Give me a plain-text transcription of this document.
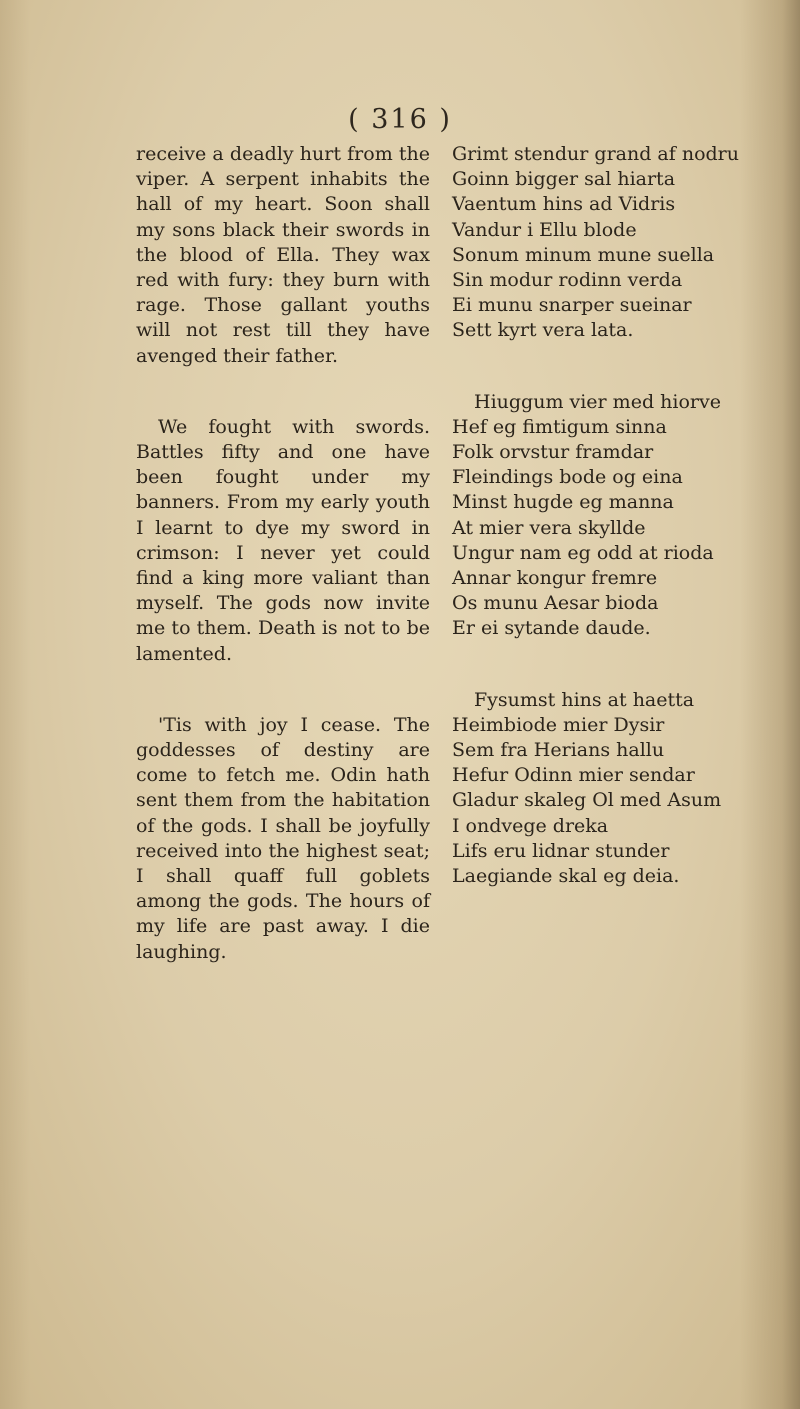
( 316 )

receive a deadly hurt from the viper. A serpent inhabits the hall of my heart. Soon shall my sons black their swords in the blood of Ella. They wax red with fury: they burn with rage. Those gallant youths will not rest till they have avenged their father.

We fought with swords. Battles fifty and one have been fought under my banners. From my early youth I learnt to dye my sword in crimson: I never yet could find a king more valiant than myself. The gods now invite me to them. Death is not to be lamented.

'Tis with joy I cease. The goddesses of destiny are come to fetch me. Odin hath sent them from the habitation of the gods. I shall be joyfully received into the highest seat; I shall quaff full goblets among the gods. The hours of my life are past away. I die laughing.

Grimt stendur grand af nodru
Goinn bigger sal hiarta
Vaentum hins ad Vidris
Vandur i Ellu blode
Sonum minum mune suella
Sin modur rodinn verda
Ei munu snarper sueinar
Sett kyrt vera lata.
Hiuggum vier med hiorve
Hef eg fimtigum sinna
Folk orvstur framdar
Fleindings bode og eina
Minst hugde eg manna
At mier vera skyllde
Ungur nam eg odd at rioda
Annar kongur fremre
Os munu Aesar bioda
Er ei sytande daude.
Fysumst hins at haetta
Heimbiode mier Dysir
Sem fra Herians hallu
Hefur Odinn mier sendar
Gladur skaleg Ol med Asum
I ondvege dreka
Lifs eru lidnar stunder
Laegiande skal eg deia.
